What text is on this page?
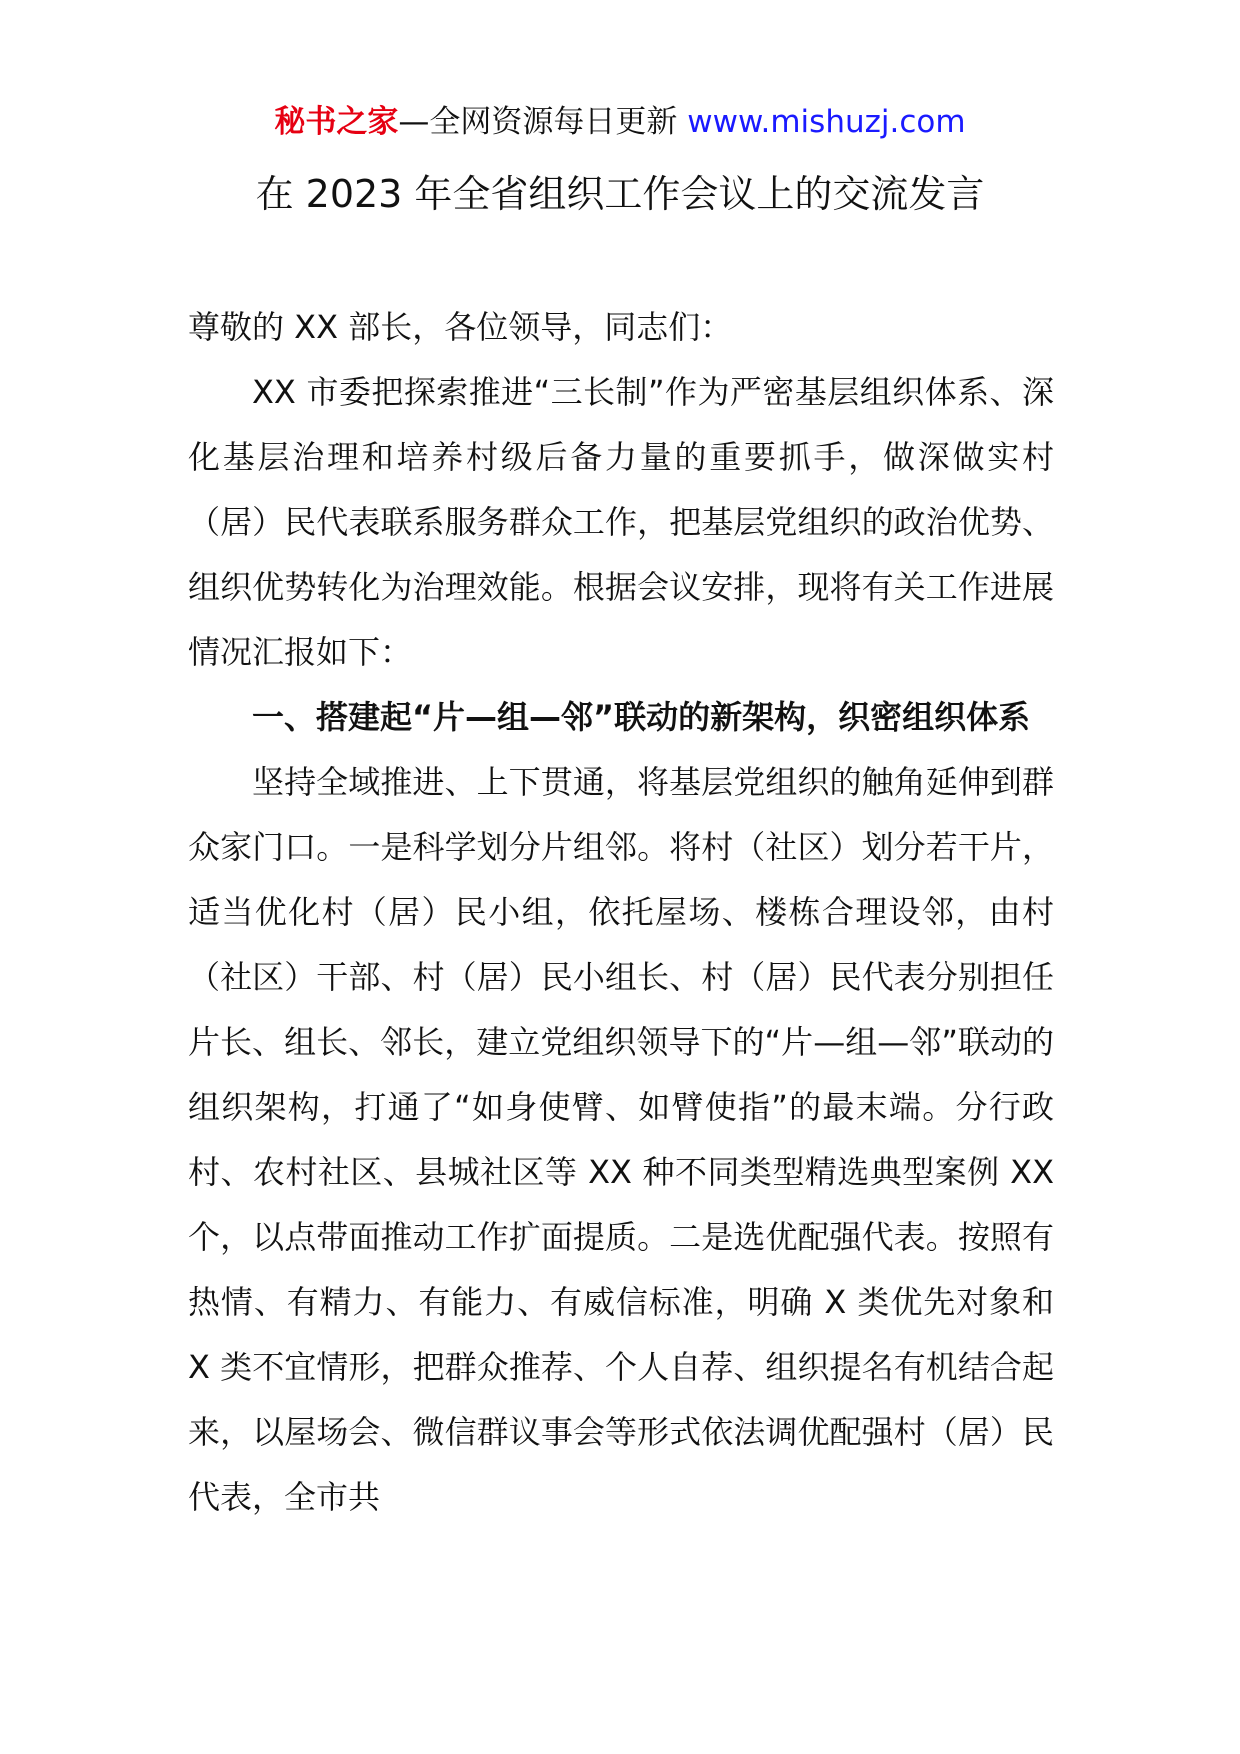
秘书之家—全网资源每日更新 www.mishuzj.com
在 2023 年全省组织工作会议上的交流发言

尊敬的 XX 部长，各位领导，同志们：

XX 市委把探索推进“三长制”作为严密基层组织体系、深化基层治理和培养村级后备力量的重要抓手，做深做实村（居）民代表联系服务群众工作，把基层党组织的政治优势、组织优势转化为治理效能。根据会议安排，现将有关工作进展情况汇报如下：

一、搭建起“片—组—邻”联动的新架构，织密组织体系

坚持全域推进、上下贯通，将基层党组织的触角延伸到群众家门口。一是科学划分片组邻。将村（社区）划分若干片，适当优化村（居）民小组，依托屋场、楼栋合理设邻，由村（社区）干部、村（居）民小组长、村（居）民代表分别担任片长、组长、邻长，建立党组织领导下的“片—组—邻”联动的组织架构，打通了“如身使臂、如臂使指”的最末端。分行政村、农村社区、县城社区等 XX 种不同类型精选典型案例 XX 个，以点带面推动工作扩面提质。二是选优配强代表。按照有热情、有精力、有能力、有威信标准，明确 X 类优先对象和 X 类不宜情形，把群众推荐、个人自荐、组织提名有机结合起来，以屋场会、微信群议事会等形式依法调优配强村（居）民代表，全市共
